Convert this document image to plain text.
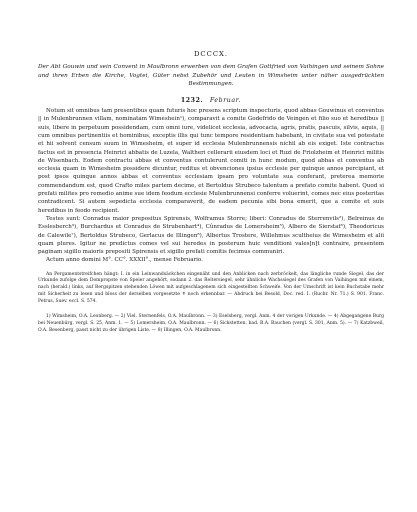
DCCCX.
Der Abt Gouwin und sein Convent in Maulbronn erwerben von dem Grafen Gottfried von Vaihingen und seinem Sohne und ihren Erben die Kirche, Vogtei, Güter nebst Zubehör und Leuten in Wimsheim unter näher ausgedrückten Bestimmungen.
1232. Februar.

Notum sit omnibus tam presentibus quam futuris hoc presens scriptum inspecturis, quod abbas Gouwinus et conventus || in Mulenbrunnen villam, nominatam Wimeshein¹), comparavit a comite Godefrido de Veingen et filio suo et heredibus || suis, libere in perpetuum possidendam, cum omni iure, videlicet ecclesia, advocacia, agris, pratis, pascuis, silvis, aquis, || cum omnibus pertinentiis et hominibus, exceptis illis qui tunc tempore residentiam habebant, in civitate sua vel potestate et hii solvent censum suum in Wimesheim, et super id ecclesia Mulenbrunnensis nichil ab eis exiget. Iste contractus factus est in presencia Heinrici abbatis de Luzela, Waltheri cellerarii eiusdem loci et Ruzi de Friolzheim et Heinrici militis de Wisenbach. Eodem contractu abbas et conventus contulerunt comiti in hunc modum, quod abbas et conventus ab ecclesia quam in Wimesheim possidere dicuntur, reditus et obvenciones ipsius ecclesie per quinque annos percipiant, et post ipsos quinque annos abbas et conventus ecclesiam ipsam pro voluntate sua conferant, preterea memorie commendandum est, quod Crafto miles partem decime, et Bertoldus Strubeco talentum a prefato comite habent. Quod si prefati milites pro remedio anime sue idem feodum ecclesie Mulenbrunnensi conferre voluerint, comes nec eius posteritas contradicent. Si autem sepedicta ecclesia comparaverit, de eadem pecunia sibi bona emerit, que a comite et suis heredibus in feodo recipient.

Testes sunt: Conradus maior prepositus Spirensis, Wolframus Storre; liberi: Conradus de Sterrenvils²), Belreinus de Esslesberch³), Burchardus et Conradus de Strubenhart⁴), Cûnradus de Lomersheim⁵), Albero de Sierstat⁶), Theodoricus de Calewile⁷), Bertoldus Strubeco, Gerlacus de Illingen⁸), Albertus Trostere, Willehmus scultheius de Wimesheim et alii quam plures. Igitur ne predictus comes vel sui heredes in posterum huic venditioni vales[n]t contraire, presentem paginam sigillo maioris prepositi Spirensis et sigillo prefati comitis fecimus communiri.

Actum anno domini M°. CC°. XXXII°., mense Februario.

An Pergamentstreifchen hängt: I. in ein Leinwandsäckchen eingenäht und den Anblicken nach zerbröckelt, das längliche runde Siegel, das der Urkunde zufolge dem Dompropste von Speier angehört, sodann 2. das Reitersiegel, sehr ähnliche Wachssiegel des Grafen von Vaihingen mit einem, nach (herald.) links, auf Bergspitzen stehenden Löwen mit aufgeschlagenem sich eingestellten Schweife. Von der Umschrift ist kein Buchstabe mehr mit Sicherheit zu lesen und bloss der derselben vorgesetzte ✝ noch erkennbar. — Abdruck bei Besold, Doc. red. I. (Ruchr. Nr. 71.) S. 901. Franc. Petrus, Suev. eccl. S. 574.

1) Wimsheim, O.A. Leonberg. — 2) Viel. Sternenfels, O.A. Maulbronn. — 3) Eselsberg, vergl. Anm. 4 der vorigen Urkunde. — 4) Abgegangene Burg bei Neuenbürg, vergl. S. 25, Anm. 1. — 5) Lomersheim, O.A. Maulbronn. — 6) Sickstetten, bad. B.A. Bauchen (vergl. S. 301, Anm. 5). — 7) Katzbweil, O.A. Besenberg, passt nicht zu der übrigen Liste. — 8) Illingen, O.A. Maulbronn.
